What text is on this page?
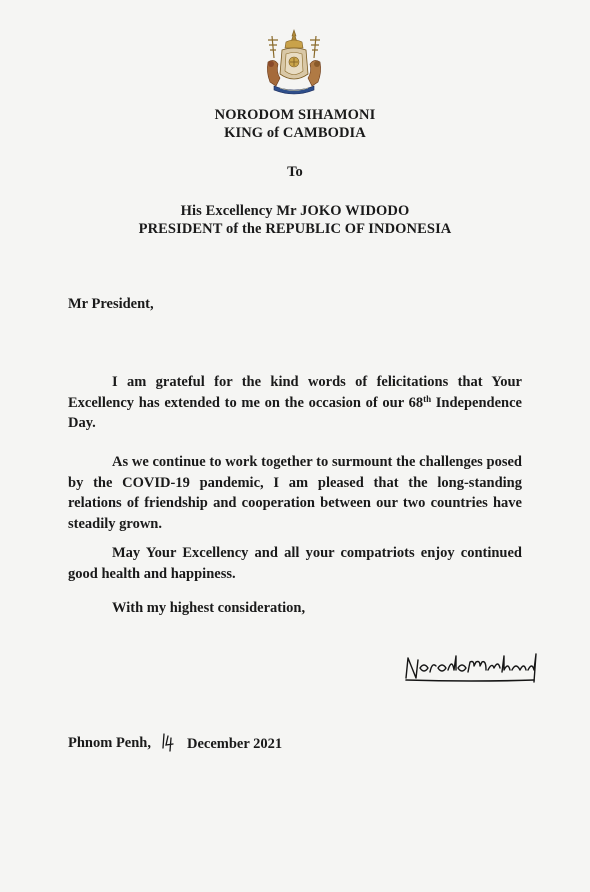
NORODOM SIHAMONI
KING of CAMBODIA
To
His Excellency Mr JOKO WIDODO
PRESIDENT of the REPUBLIC OF INDONESIA
Mr President,
I am grateful for the kind words of felicitations that Your Excellency has extended to me on the occasion of our 68th Independence Day.
As we continue to work together to surmount the challenges posed by the COVID-19 pandemic, I am pleased that the long-standing relations of friendship and cooperation between our two countries have steadily grown.
May Your Excellency and all your compatriots enjoy continued good health and happiness.
With my highest consideration,
Phnom Penh, December 2021
